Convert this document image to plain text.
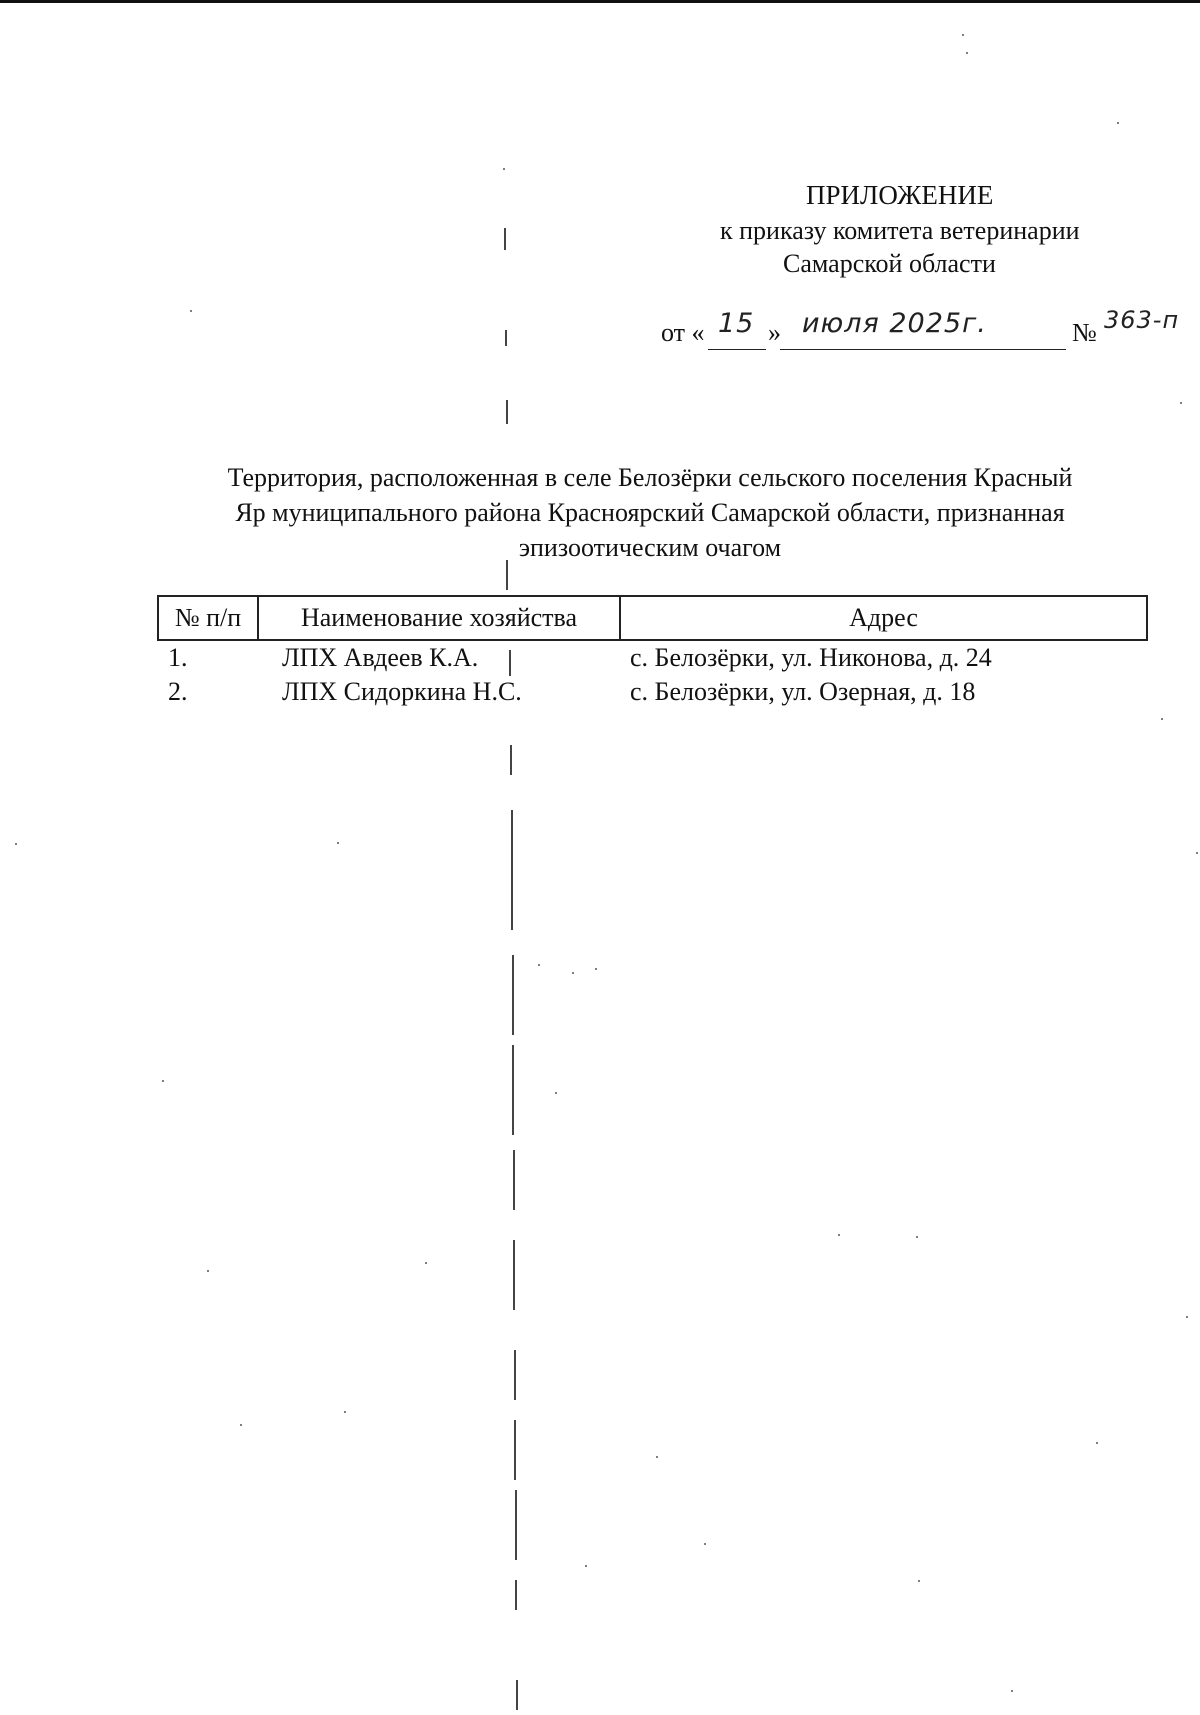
ПРИЛОЖЕНИЕ
к приказу комитета ветеринарии
Самарской области
от « 15 » июля 2025г.	№ 363-п
Территория, расположенная в селе Белозёрки сельского поселения Красный
Яр муниципального района Красноярский Самарской области, признанная
эпизоотическим очагом
№ п/п	Наименование хозяйства	Адрес
1.	ЛПХ Авдеев К.А.	с. Белозёрки, ул. Никонова, д. 24
2.	ЛПХ Сидоркина Н.С.	с. Белозёрки, ул. Озерная, д. 18
